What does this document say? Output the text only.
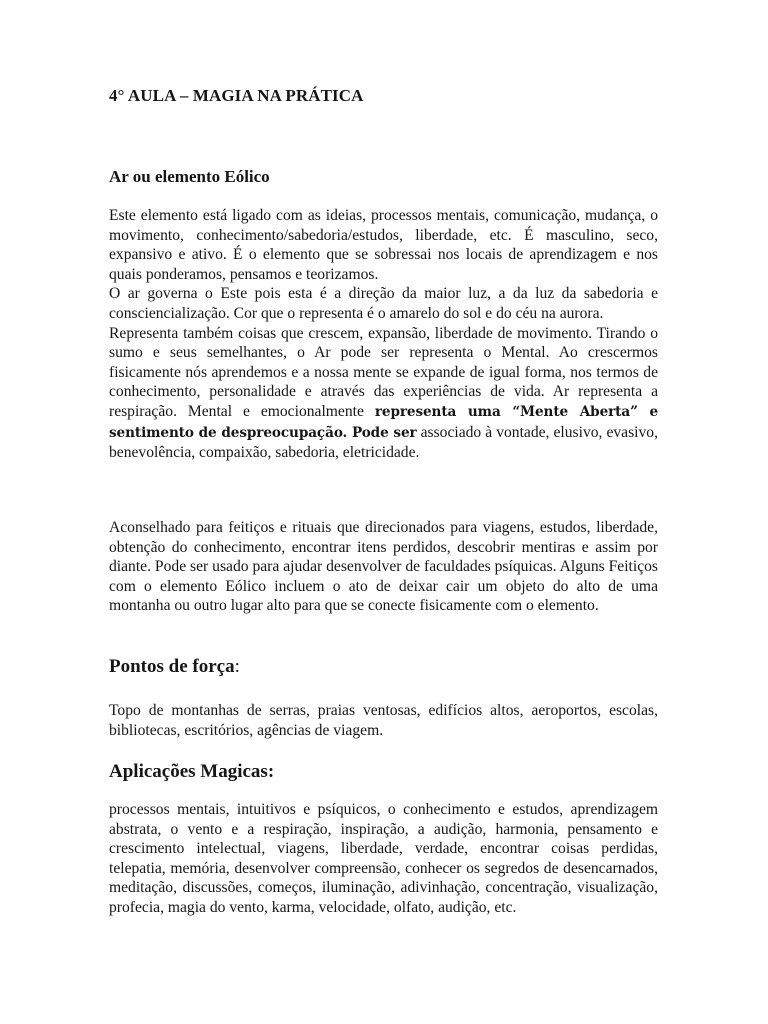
4° AULA – MAGIA NA PRÁTICA
Ar ou elemento Eólico

Este elemento está ligado com as ideias, processos mentais, comunicação, mudança, o movimento, conhecimento/sabedoria/estudos, liberdade, etc. É masculino, seco, expansivo e ativo. É o elemento que se sobressai nos locais de aprendizagem e nos quais ponderamos, pensamos e teorizamos.

O ar governa o Este pois esta é a direção da maior luz, a da luz da sabedoria e consciencialização. Cor que o representa é o amarelo do sol e do céu na aurora.

Representa também coisas que crescem, expansão, liberdade de movimento. Tirando o sumo e seus semelhantes, o Ar pode ser representa o Mental. Ao crescermos fisicamente nós aprendemos e a nossa mente se expande de igual forma, nos termos de conhecimento, personalidade e através das experiências de vida. Ar representa a respiração. Mental e emocionalmente representa uma “Mente Aberta” e sentimento de despreocupação. Pode ser associado à vontade, elusivo, evasivo, benevolência, compaixão, sabedoria, eletricidade.

Aconselhado para feitiços e rituais que direcionados para viagens, estudos, liberdade, obtenção do conhecimento, encontrar itens perdidos, descobrir mentiras e assim por diante. Pode ser usado para ajudar desenvolver de faculdades psíquicas. Alguns Feitiços com o elemento Eólico incluem o ato de deixar cair um objeto do alto de uma montanha ou outro lugar alto para que se conecte fisicamente com o elemento.
Pontos de força:
Topo de montanhas de serras, praias ventosas, edifícios altos, aeroportos, escolas, bibliotecas, escritórios, agências de viagem.
Aplicações Magicas:
processos mentais, intuitivos e psíquicos, o conhecimento e estudos, aprendizagem abstrata, o vento e a respiração, inspiração, a audição, harmonia, pensamento e crescimento intelectual, viagens, liberdade, verdade, encontrar coisas perdidas, telepatia, memória, desenvolver compreensão, conhecer os segredos de desencarnados, meditação, discussões, começos, iluminação, adivinhação, concentração, visualização, profecia, magia do vento, karma, velocidade, olfato, audição, etc.
